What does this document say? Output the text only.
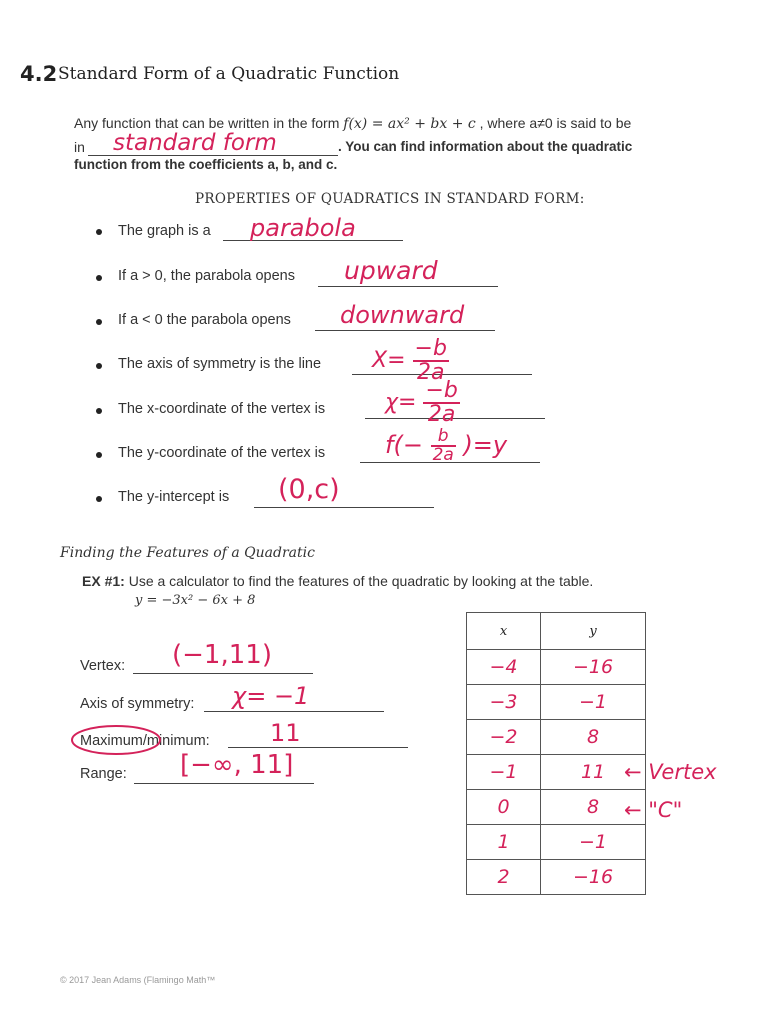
4.2 Standard Form of a Quadratic Function
Any function that can be written in the form f(x) = ax² + bx + c , where a≠0 is said to be
in standard form	. You can find information about the quadratic
function from the coefficients a, b, and c.
PROPERTIES OF QUADRATICS IN STANDARD FORM:
The graph is a parabola
If a > 0, the parabola opens upward
If a < 0 the parabola opens downward
The axis of symmetry is the line $X= \frac{-b}{2a}$
The x-coordinate of the vertex is	$\chi= \frac{-b}{2a}$
The y-coordinate of the vertex is $f(- \frac{b}{2a} )=y$
The y-intercept is (0,c)
Finding the Features of a Quadratic
EX #1: Use a calculator to find the features of the quadratic by looking at the table.
y = −3x² − 6x + 8
Vertex: (−1,11)
Axis of symmetry: χ= −1
Maximum/minimum:	11
Range: [−∞, 11]
x	y
−4	−16
−3	−1
−2	8
−1	11
0	8
1	−1
2	−16
← Vertex
← "C"
© 2017 Jean Adams (Flamingo Math™
